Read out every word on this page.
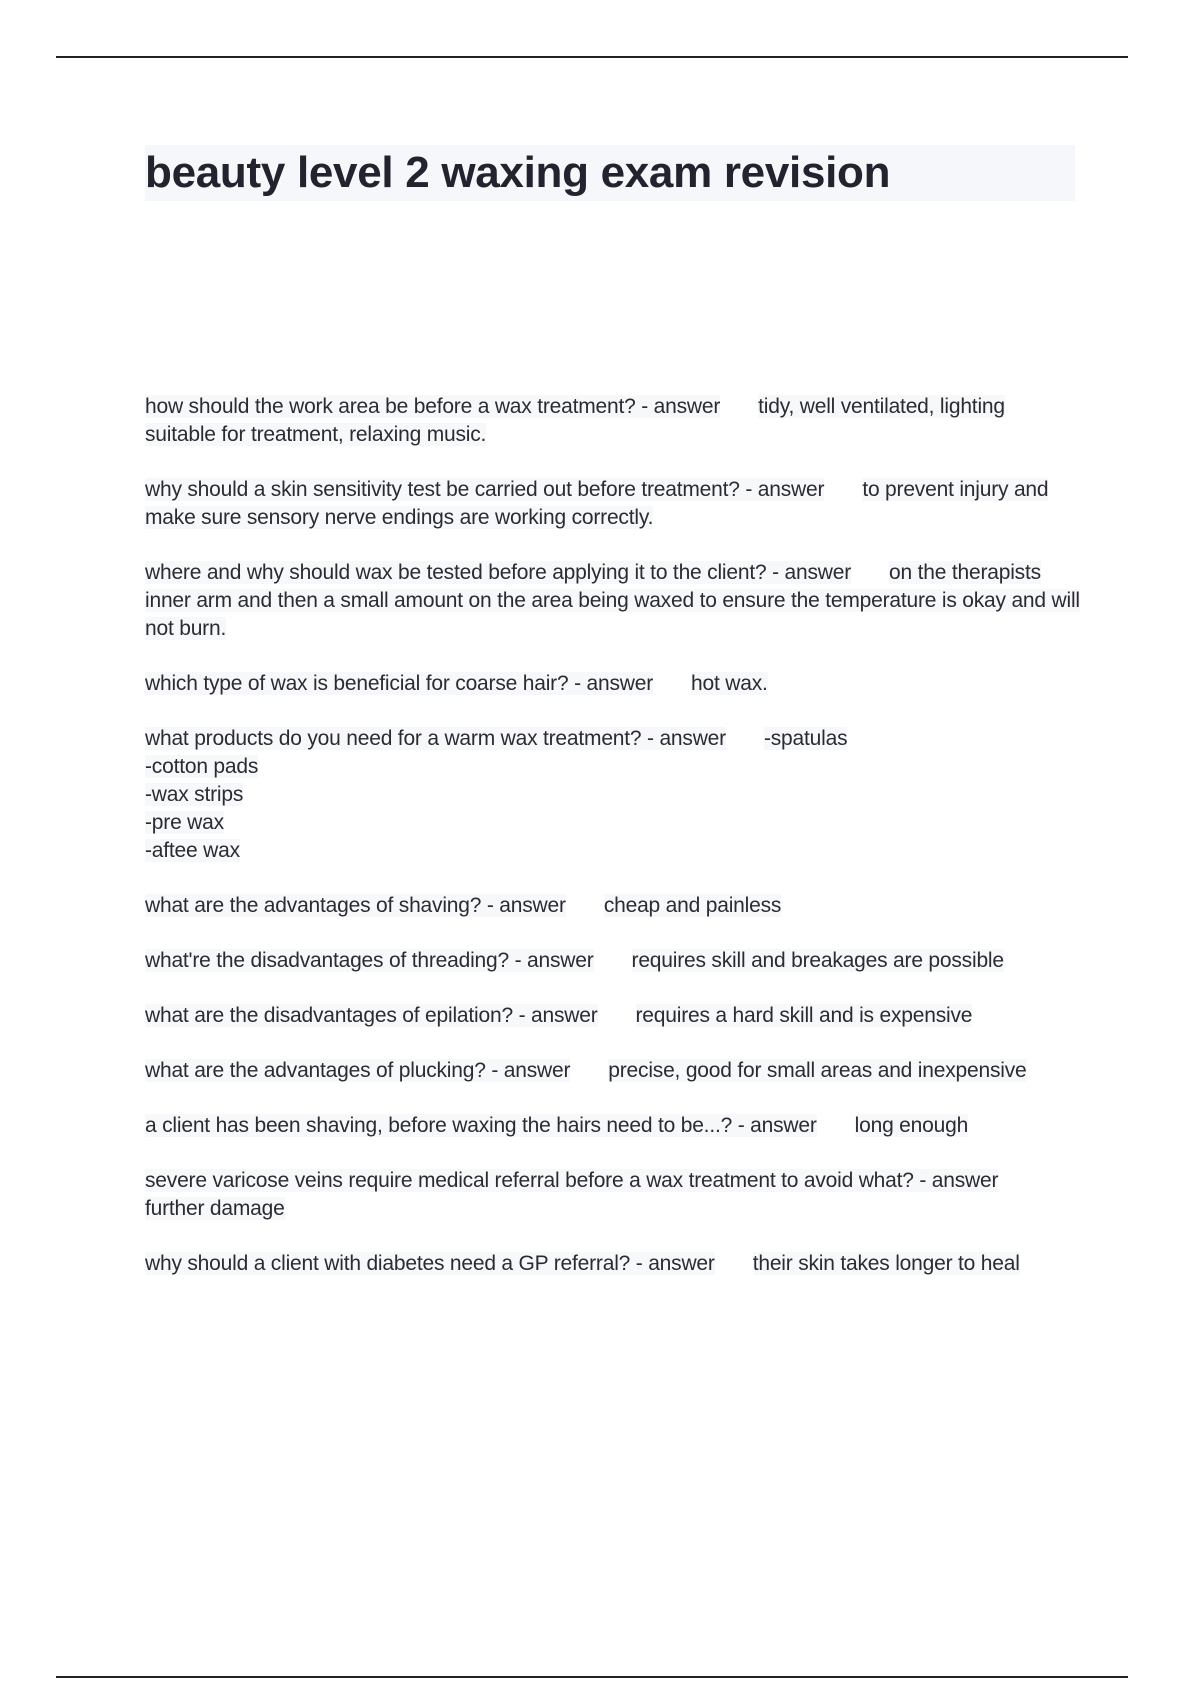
beauty level 2 waxing exam revision
how should the work area be before a wax treatment? - answer tidy, well ventilated, lighting suitable for treatment, relaxing music.
why should a skin sensitivity test be carried out before treatment? - answer to prevent injury and make sure sensory nerve endings are working correctly.
where and why should wax be tested before applying it to the client? - answer on the therapists inner arm and then a small amount on the area being waxed to ensure the temperature is okay and will not burn.
which type of wax is beneficial for coarse hair? - answer hot wax.
what products do you need for a warm wax treatment? - answer -spatulas
-cotton pads
-wax strips
-pre wax
-aftee wax
what are the advantages of shaving? - answer cheap and painless
what're the disadvantages of threading? - answer requires skill and breakages are possible
what are the disadvantages of epilation? - answer requires a hard skill and is expensive
what are the advantages of plucking? - answer precise, good for small areas and inexpensive
a client has been shaving, before waxing the hairs need to be...? - answer long enough
severe varicose veins require medical referral before a wax treatment to avoid what? - answerfurther damage
why should a client with diabetes need a GP referral? - answer their skin takes longer to heal
